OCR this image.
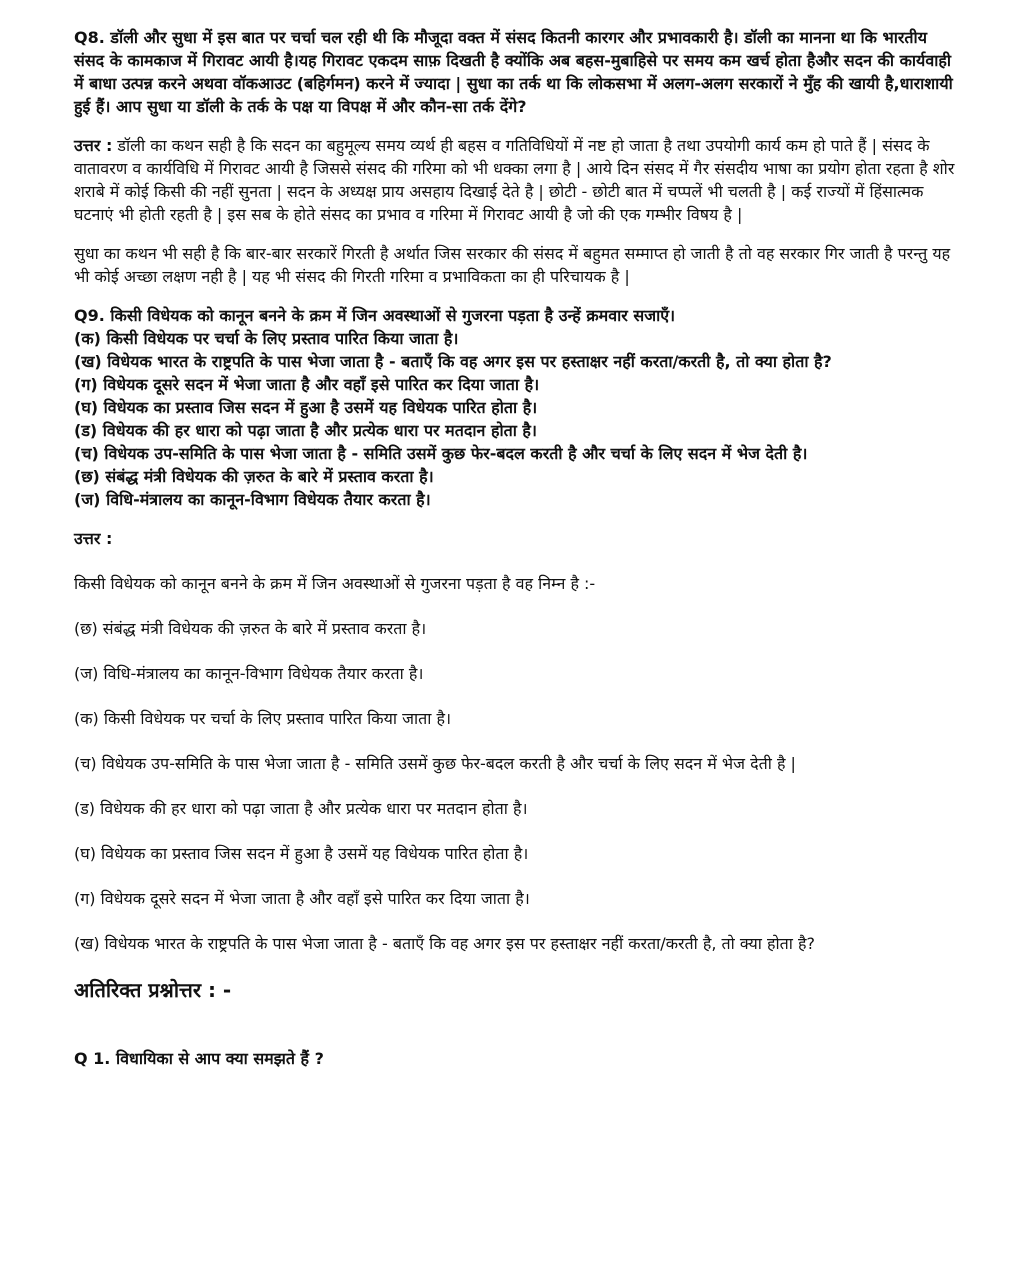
Q8. डॉली और सुधा में इस बात पर चर्चा चल रही थी कि मौजूदा वक्त में संसद कितनी कारगर और प्रभावकारी है। डॉली का मानना था कि भारतीय संसद के कामकाज में गिरावट आयी है।यह गिरावट एकदम साफ़ दिखती है क्योंकि अब बहस-मुबाहिसे पर समय कम खर्च होता हैऔर सदन की कार्यवाही में बाधा उत्पन्न करने अथवा वॉकआउट (बहिर्गमन) करने में ज्यादा | सुधा का तर्क था कि लोकसभा में अलग-अलग सरकारों ने मुँह की खायी है,धाराशायी हुई हैं। आप सुधा या डॉली के तर्क के पक्ष या विपक्ष में और कौन-सा तर्क देंगे?
उत्तर : डॉली का कथन सही है कि सदन का बहुमूल्य समय व्यर्थ ही बहस व गतिविधियों में नष्ट हो जाता है तथा उपयोगी कार्य कम हो पाते हैं | संसद के वातावरण व कार्यविधि में गिरावट आयी है जिससे संसद की गरिमा को भी धक्का लगा है | आये दिन संसद में गैर संसदीय भाषा का प्रयोग होता रहता है शोर शराबे में कोई किसी की नहीं सुनता | सदन के अध्यक्ष प्राय असहाय दिखाई देते है | छोटी - छोटी बात में चप्पलें भी चलती है | कई राज्यों में हिंसात्मक घटनाएं भी होती रहती है | इस सब के होते संसद का प्रभाव व गरिमा में गिरावट आयी है जो की एक गम्भीर विषय है |
सुधा का कथन भी सही है कि बार-बार सरकारें गिरती है अर्थात जिस सरकार की संसद में बहुमत सम्माप्त हो जाती है तो वह सरकार गिर जाती है परन्तु यह भी कोई अच्छा लक्षण नही है | यह भी संसद की गिरती गरिमा व प्रभाविकता का ही परिचायक है |
Q9. किसी विधेयक को कानून बनने के क्रम में जिन अवस्थाओं से गुजरना पड़ता है उन्हें क्रमवार सजाएँ।
(क) किसी विधेयक पर चर्चा के लिए प्रस्ताव पारित किया जाता है।
(ख) विधेयक भारत के राष्ट्रपति के पास भेजा जाता है - बताएँ कि वह अगर इस पर हस्ताक्षर नहीं करता/करती है, तो क्या होता है?
(ग) विधेयक दूसरे सदन में भेजा जाता है और वहाँ इसे पारित कर दिया जाता है।
(घ) विधेयक का प्रस्ताव जिस सदन में हुआ है उसमें यह विधेयक पारित होता है।
(ड) विधेयक की हर धारा को पढ़ा जाता है और प्रत्येक धारा पर मतदान होता है।
(च) विधेयक उप-समिति के पास भेजा जाता है - समिति उसमें कुछ फेर-बदल करती है और चर्चा के लिए सदन में भेज देती है।
(छ) संबंद्ध मंत्री विधेयक की ज़रुत के बारे में प्रस्ताव करता है।
(ज) विधि-मंत्रालय का कानून-विभाग विधेयक तैयार करता है।
उत्तर :
किसी विधेयक को कानून बनने के क्रम में जिन अवस्थाओं से गुजरना पड़ता है वह निम्न है :-
(छ) संबंद्ध मंत्री विधेयक की ज़रुत के बारे में प्रस्ताव करता है।
(ज) विधि-मंत्रालय का कानून-विभाग विधेयक तैयार करता है।
(क) किसी विधेयक पर चर्चा के लिए प्रस्ताव पारित किया जाता है।
(च) विधेयक उप-समिति के पास भेजा जाता है - समिति उसमें कुछ फेर-बदल करती है और चर्चा के लिए सदन में भेज देती है |
(ड) विधेयक की हर धारा को पढ़ा जाता है और प्रत्येक धारा पर मतदान होता है।
(घ) विधेयक का प्रस्ताव जिस सदन में हुआ है उसमें यह विधेयक पारित होता है।
(ग) विधेयक दूसरे सदन में भेजा जाता है और वहाँ इसे पारित कर दिया जाता है।
(ख) विधेयक भारत के राष्ट्रपति के पास भेजा जाता है - बताएँ कि वह अगर इस पर हस्ताक्षर नहीं करता/करती है, तो क्या होता है?
अतिरिक्त प्रश्नोत्तर : -
Q 1. विधायिका से आप क्या समझते हैं ?
